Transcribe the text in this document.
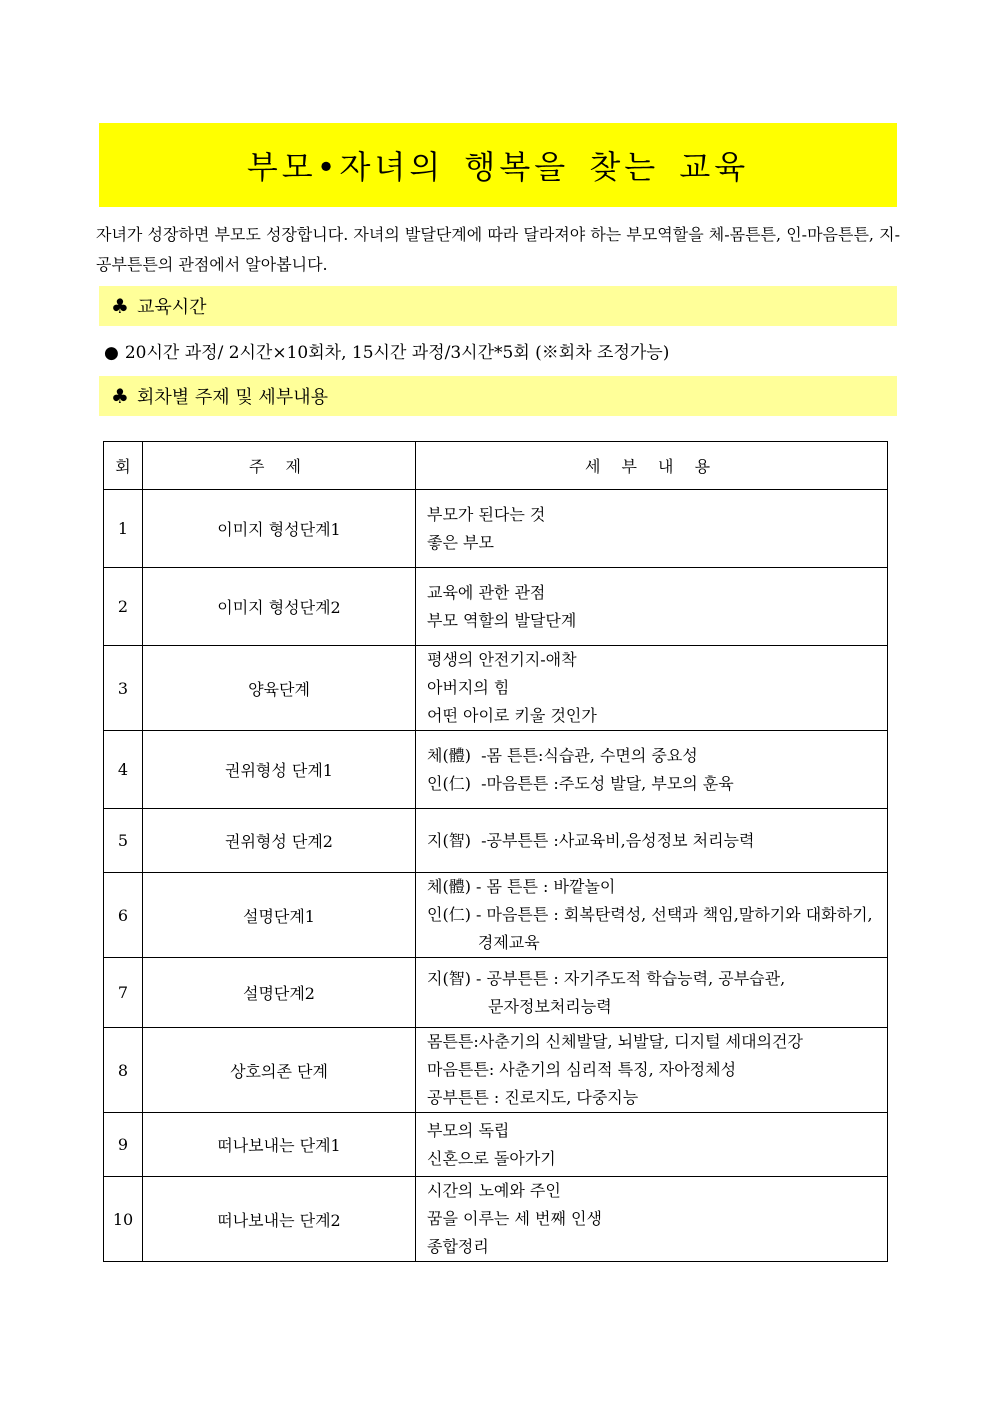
부모•자녀의 행복을 찾는 교육
자녀가 성장하면 부모도 성장합니다. 자녀의 발달단계에 따라 달라져야 하는 부모역할을 체-몸튼튼, 인-마음튼튼, 지-공부튼튼의 관점에서 알아봅니다.
♣ 교육시간
● 20시간 과정/ 2시간×10회차, 15시간 과정/3시간*5회 (※회차 조정가능)
♣ 회차별 주제 및 세부내용
회	주 제	세 부 내 용
1	이미지 형성단계1	부모가 된다는 것
좋은 부모

2	이미지 형성단계2	교육에 관한 관점
부모 역할의 발달단계

3	양육단계	평생의 안전기지-애착
아버지의 힘
어떤 아이로 키울 것인가

4	권위형성 단계1	체(體)  -몸 튼튼:식습관, 수면의 중요성
인(仁)  -마음튼튼 :주도성 발달, 부모의 훈육

5	권위형성 단계2	지(智)  -공부튼튼 :사교육비,음성정보 처리능력

6	설명단계1	체(體) - 몸 튼튼 : 바깥놀이
인(仁) - 마음튼튼 : 회복탄력성, 선택과 책임,말하기와 대화하기,
경제교육

7	설명단계2	지(智) - 공부튼튼 : 자기주도적 학습능력, 공부습관,
문자정보처리능력

8	상호의존 단계	몸튼튼:사춘기의 신체발달, 뇌발달, 디지털 세대의건강
마음튼튼: 사춘기의 심리적 특징, 자아정체성
공부튼튼 : 진로지도, 다중지능

9	떠나보내는 단계1	부모의 독립
신혼으로 돌아가기

10	떠나보내는 단계2	시간의 노예와 주인
꿈을 이루는 세 번째 인생
종합정리
